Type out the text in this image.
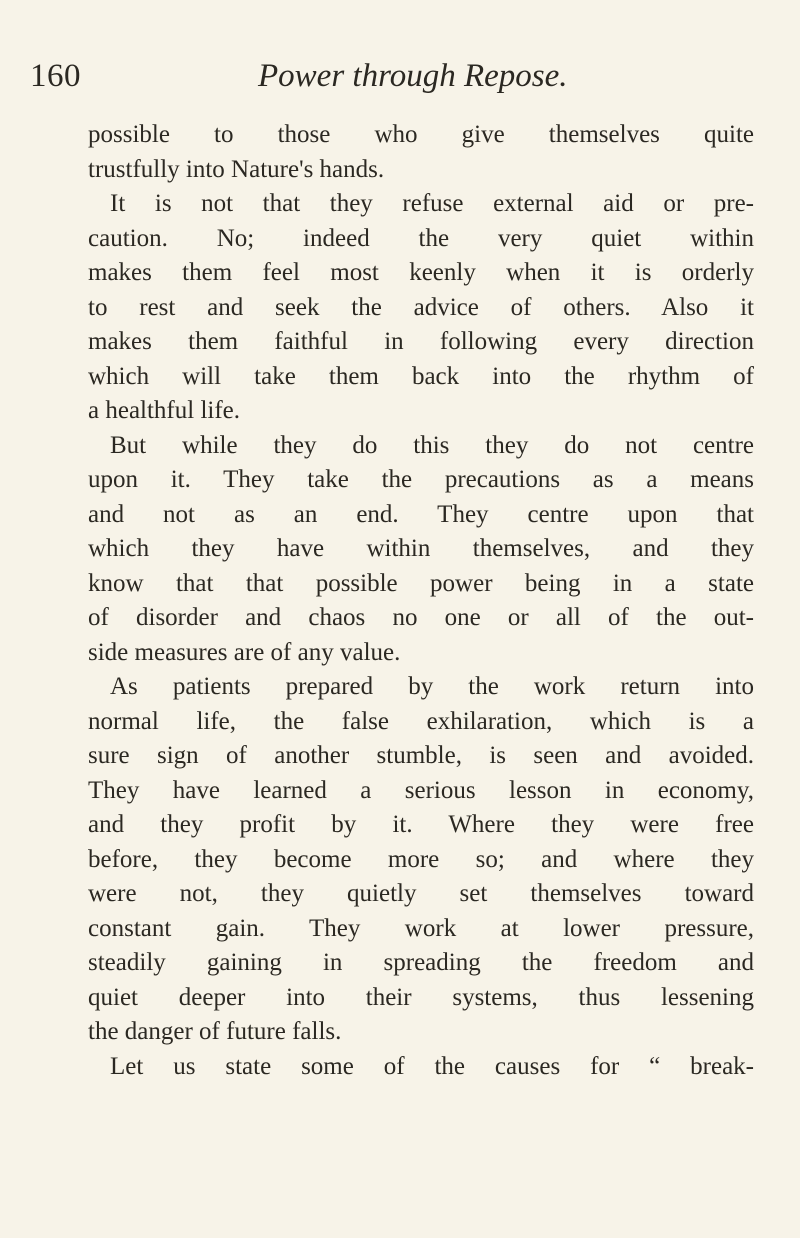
160	Power through Repose.
possible to those who give themselves quite
trustfully into Nature's hands.
It is not that they refuse external aid or pre-
caution. No; indeed the very quiet within
makes them feel most keenly when it is orderly
to rest and seek the advice of others. Also it
makes them faithful in following every direction
which will take them back into the rhythm of
a healthful life.
But while they do this they do not centre
upon it. They take the precautions as a means
and not as an end. They centre upon that
which they have within themselves, and they
know that that possible power being in a state
of disorder and chaos no one or all of the out-
side measures are of any value.
As patients prepared by the work return into
normal life, the false exhilaration, which is a
sure sign of another stumble, is seen and avoided.
They have learned a serious lesson in economy,
and they profit by it. Where they were free
before, they become more so; and where they
were not, they quietly set themselves toward
constant gain. They work at lower pressure,
steadily gaining in spreading the freedom and
quiet deeper into their systems, thus lessening
the danger of future falls.
Let us state some of the causes for “ break-
